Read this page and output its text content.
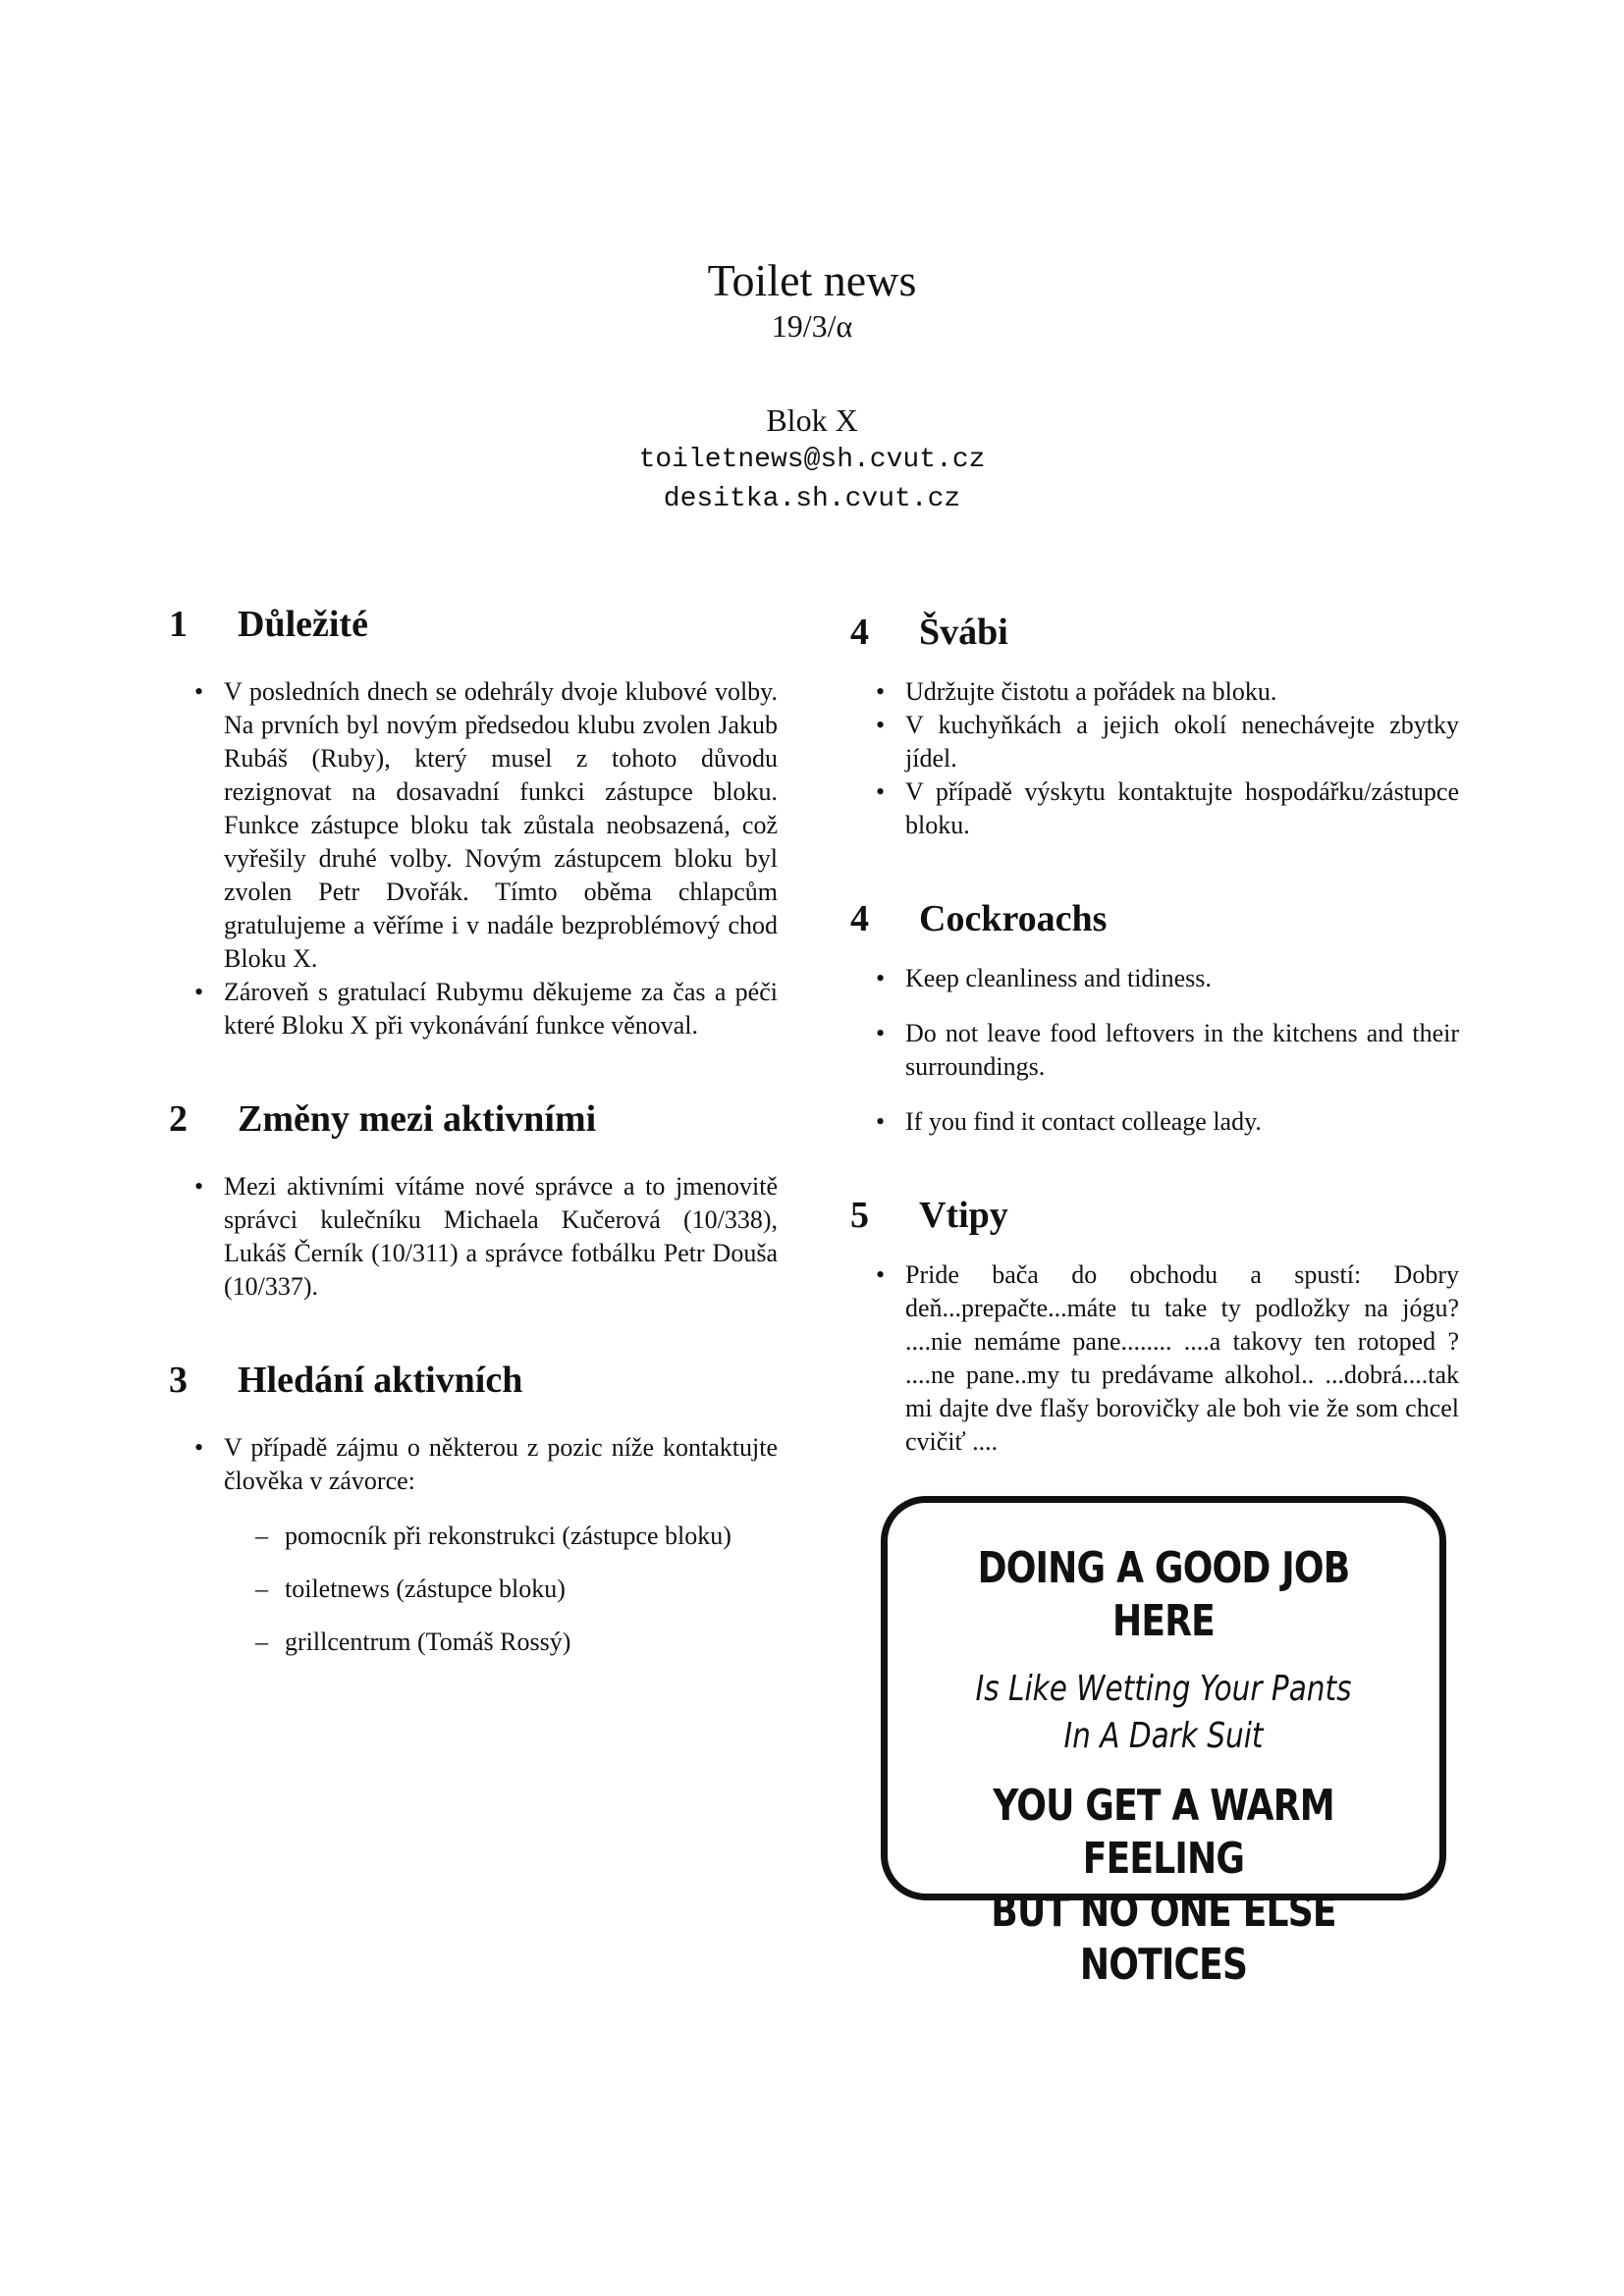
Toilet news
19/3/α
Blok X
toiletnews@sh.cvut.cz
desitka.sh.cvut.cz
1	Důležité
• V posledních dnech se odehrály dvoje klubové volby. Na prvních byl novým předsedou klubu zvolen Jakub Rubáš (Ruby), který musel z tohoto důvodu rezignovat na dosavadní funkci zástupce bloku. Funkce zástupce bloku tak zůstala neobsazená, což vyřešily druhé volby. Novým zástupcem bloku byl zvolen Petr Dvořák. Tímto oběma chlapcům gratulujeme a věříme i v nadále bezproblémový chod Bloku X.
• Zároveň s gratulací Rubymu děkujeme za čas a péči které Bloku X při vykonávání funkce věnoval.
2	Změny mezi aktivními
• Mezi aktivními vítáme nové správce a to jmenovitě správci kulečníku Michaela Kučerová (10/338), Lukáš Černík (10/311) a správce fotbálku Petr Douša (10/337).
3	Hledání aktivních
• V případě zájmu o některou z pozic níže kontaktujte člověka v závorce:
– pomocník při rekonstrukci (zástupce bloku)
– toiletnews (zástupce bloku)
– grillcentrum (Tomáš Rossý)
4	Švábi
• Udržujte čistotu a pořádek na bloku.
• V kuchyňkách a jejich okolí nenechávejte zbytky jídel.
• V případě výskytu kontaktujte hospodářku/zástupce bloku.
4	Cockroachs
• Keep cleanliness and tidiness.
• Do not leave food leftovers in the kitchens and their surroundings.
• If you find it contact colleage lady.
5	Vtipy
• Pride bača do obchodu a spustí: Dobry deň...prepačte...máte tu take ty podložky na jógu? ....nie nemáme pane........ ....a takovy ten rotoped ? ....ne pane..my tu predávame alkohol.. ...dobrá....tak mi dajte dve flašy borovičky ale boh vie že som chcel cvičiť ....
DOING A GOOD JOB HERE
Is Like Wetting Your Pants
In A Dark Suit
YOU GET A WARM FEELING
BUT NO ONE ELSE NOTICES
